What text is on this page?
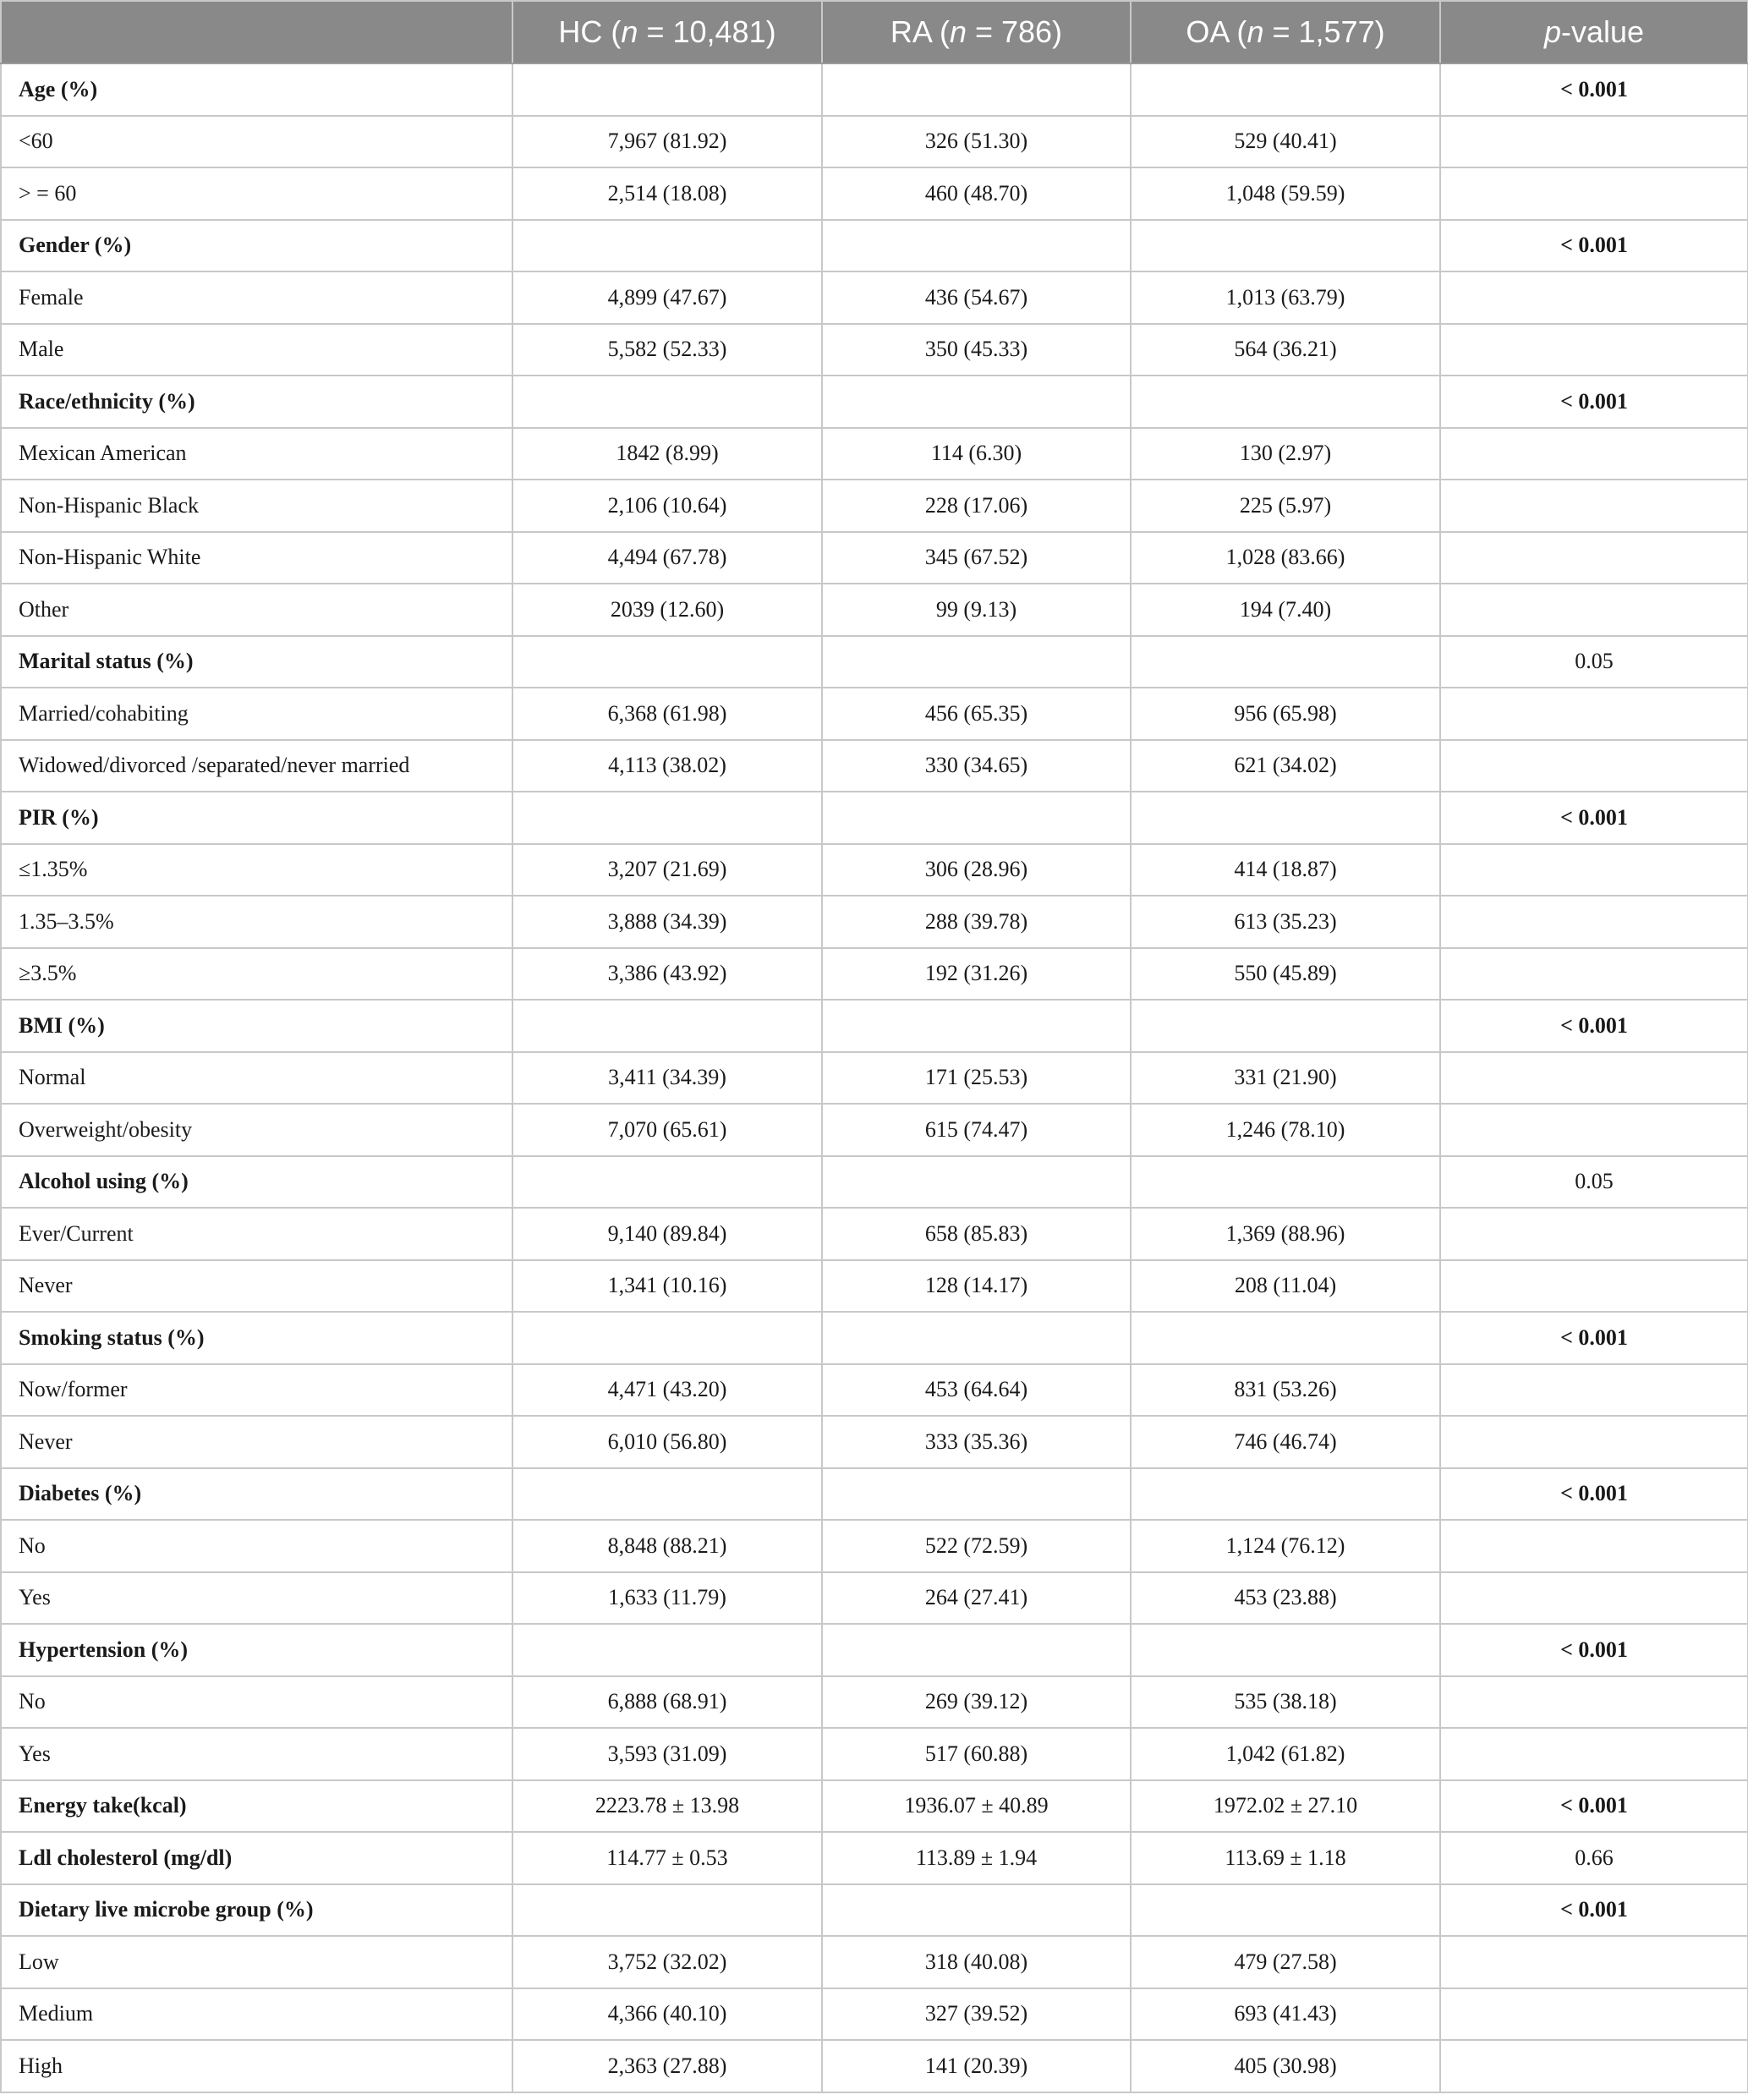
	HC (n = 10,481)	RA (n = 786)	OA (n = 1,577)	p-value
Age (%)				< 0.001
<60	7,967 (81.92)	326 (51.30)	529 (40.41)	
> = 60	2,514 (18.08)	460 (48.70)	1,048 (59.59)	
Gender (%)				< 0.001
Female	4,899 (47.67)	436 (54.67)	1,013 (63.79)	
Male	5,582 (52.33)	350 (45.33)	564 (36.21)	
Race/ethnicity (%)				< 0.001
Mexican American	1842 (8.99)	114 (6.30)	130 (2.97)	
Non-Hispanic Black	2,106 (10.64)	228 (17.06)	225 (5.97)	
Non-Hispanic White	4,494 (67.78)	345 (67.52)	1,028 (83.66)	
Other	2039 (12.60)	99 (9.13)	194 (7.40)	
Marital status (%)				0.05
Married/cohabiting	6,368 (61.98)	456 (65.35)	956 (65.98)	
Widowed/divorced /separated/never married	4,113 (38.02)	330 (34.65)	621 (34.02)	
PIR (%)				< 0.001
≤1.35%	3,207 (21.69)	306 (28.96)	414 (18.87)	
1.35–3.5%	3,888 (34.39)	288 (39.78)	613 (35.23)	
≥3.5%	3,386 (43.92)	192 (31.26)	550 (45.89)	
BMI (%)				< 0.001
Normal	3,411 (34.39)	171 (25.53)	331 (21.90)	
Overweight/obesity	7,070 (65.61)	615 (74.47)	1,246 (78.10)	
Alcohol using (%)				0.05
Ever/Current	9,140 (89.84)	658 (85.83)	1,369 (88.96)	
Never	1,341 (10.16)	128 (14.17)	208 (11.04)	
Smoking status (%)				< 0.001
Now/former	4,471 (43.20)	453 (64.64)	831 (53.26)	
Never	6,010 (56.80)	333 (35.36)	746 (46.74)	
Diabetes (%)				< 0.001
No	8,848 (88.21)	522 (72.59)	1,124 (76.12)	
Yes	1,633 (11.79)	264 (27.41)	453 (23.88)	
Hypertension (%)				< 0.001
No	6,888 (68.91)	269 (39.12)	535 (38.18)	
Yes	3,593 (31.09)	517 (60.88)	1,042 (61.82)	
Energy take(kcal)	2223.78 ± 13.98	1936.07 ± 40.89	1972.02 ± 27.10	< 0.001
Ldl cholesterol (mg/dl)	114.77 ± 0.53	113.89 ± 1.94	113.69 ± 1.18	0.66
Dietary live microbe group (%)				< 0.001
Low	3,752 (32.02)	318 (40.08)	479 (27.58)	
Medium	4,366 (40.10)	327 (39.52)	693 (41.43)	
High	2,363 (27.88)	141 (20.39)	405 (30.98)	
